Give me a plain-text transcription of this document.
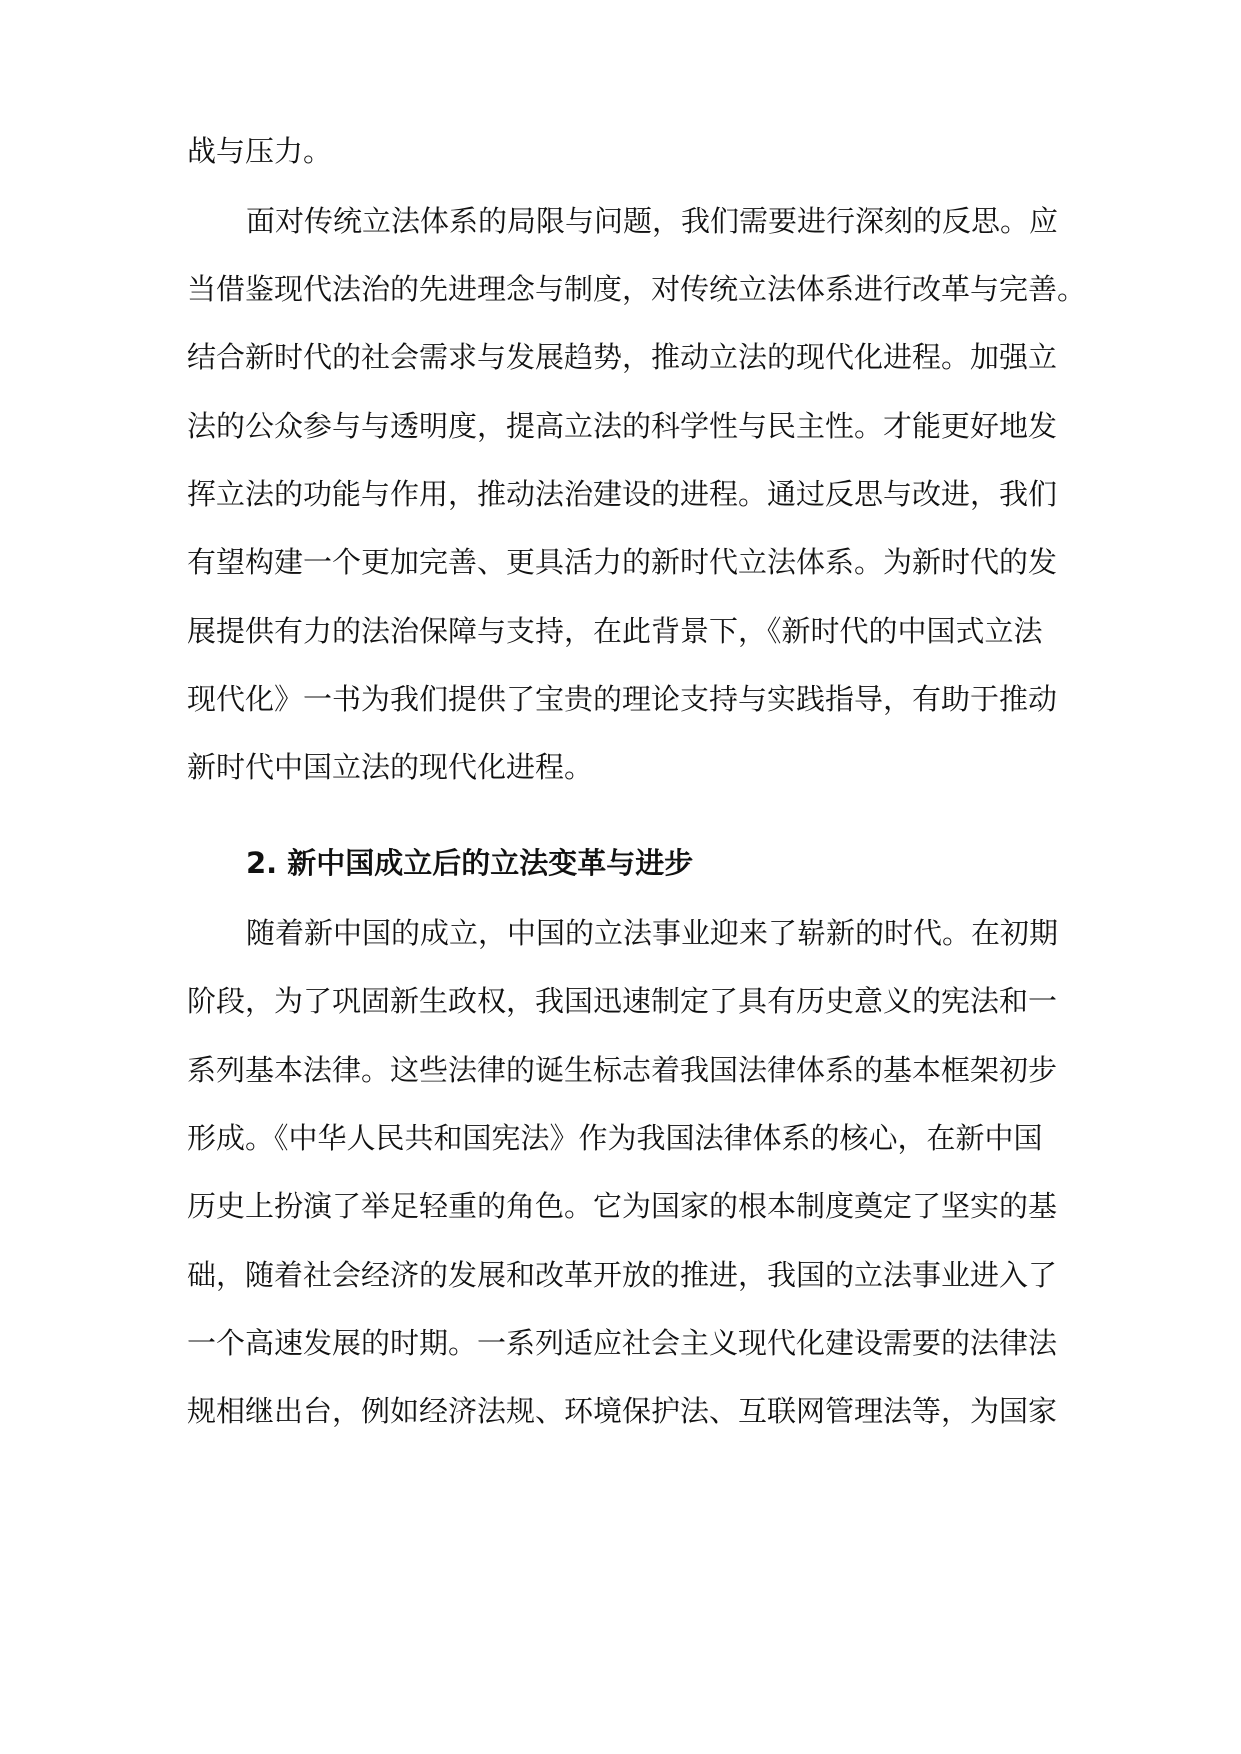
战与压力。
面对传统立法体系的局限与问题，我们需要进行深刻的反思。应
当借鉴现代法治的先进理念与制度，对传统立法体系进行改革与完善。
结合新时代的社会需求与发展趋势，推动立法的现代化进程。加强立
法的公众参与与透明度，提高立法的科学性与民主性。才能更好地发
挥立法的功能与作用，推动法治建设的进程。通过反思与改进，我们
有望构建一个更加完善、更具活力的新时代立法体系。为新时代的发
展提供有力的法治保障与支持，在此背景下，《新时代的中国式立法
现代化》一书为我们提供了宝贵的理论支持与实践指导，有助于推动
新时代中国立法的现代化进程。
2. 新中国成立后的立法变革与进步
随着新中国的成立，中国的立法事业迎来了崭新的时代。在初期
阶段，为了巩固新生政权，我国迅速制定了具有历史意义的宪法和一
系列基本法律。这些法律的诞生标志着我国法律体系的基本框架初步
形成。《中华人民共和国宪法》作为我国法律体系的核心，在新中国
历史上扮演了举足轻重的角色。它为国家的根本制度奠定了坚实的基
础，随着社会经济的发展和改革开放的推进，我国的立法事业进入了
一个高速发展的时期。一系列适应社会主义现代化建设需要的法律法
规相继出台，例如经济法规、环境保护法、互联网管理法等，为国家
